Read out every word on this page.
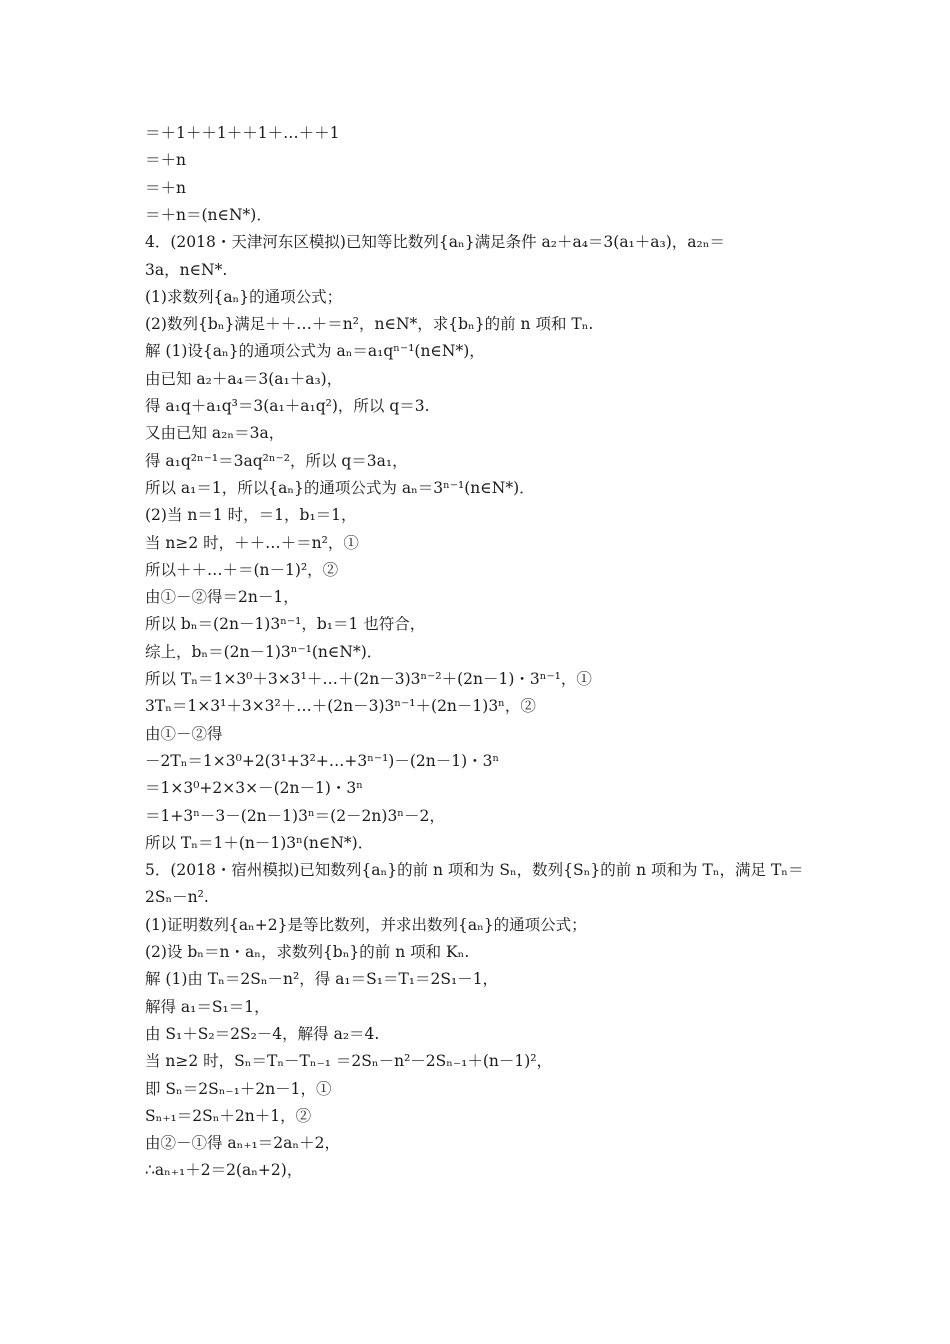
＝＋1＋＋1＋＋1＋…＋＋1
＝＋n
＝＋n
＝＋n＝(n∈N*)．
4．(2018・天津河东区模拟)已知等比数列{aₙ}满足条件 a₂＋a₄＝3(a₁＋a₃)，a₂ₙ＝
3a，n∈N*.
(1)求数列{aₙ}的通项公式；
(2)数列{bₙ}满足＋＋…＋＝n²，n∈N*，求{bₙ}的前 n 项和 Tₙ.
解 (1)设{aₙ}的通项公式为 aₙ＝a₁qⁿ⁻¹(n∈N*)，
由已知 a₂＋a₄＝3(a₁＋a₃)，
得 a₁q＋a₁q³＝3(a₁＋a₁q²)，所以 q＝3.
又由已知 a₂ₙ＝3a，
得 a₁q²ⁿ⁻¹＝3aq²ⁿ⁻²，所以 q＝3a₁，
所以 a₁＝1，所以{aₙ}的通项公式为 aₙ＝3ⁿ⁻¹(n∈N*)．
(2)当 n＝1 时，＝1，b₁＝1，
当 n≥2 时，＋＋…＋＝n²，①
所以＋＋…＋＝(n－1)²，②
由①－②得＝2n－1，
所以 bₙ＝(2n－1)3ⁿ⁻¹，b₁＝1 也符合，
综上，bₙ＝(2n－1)3ⁿ⁻¹(n∈N*)．
所以 Tₙ＝1×3⁰＋3×3¹＋…＋(2n－3)3ⁿ⁻²＋(2n－1)・3ⁿ⁻¹，①
3Tₙ＝1×3¹＋3×3²＋…＋(2n－3)3ⁿ⁻¹＋(2n－1)3ⁿ，②
由①－②得
－2Tₙ＝1×3⁰+2(3¹+3²+…+3ⁿ⁻¹)－(2n－1)・3ⁿ
＝1×3⁰+2×3×－(2n－1)・3ⁿ
＝1+3ⁿ－3－(2n－1)3ⁿ＝(2－2n)3ⁿ－2，
所以 Tₙ＝1＋(n－1)3ⁿ(n∈N*)．
5．(2018・宿州模拟)已知数列{aₙ}的前 n 项和为 Sₙ，数列{Sₙ}的前 n 项和为 Tₙ，满足 Tₙ＝
2Sₙ－n².
(1)证明数列{aₙ+2}是等比数列，并求出数列{aₙ}的通项公式；
(2)设 bₙ＝n・aₙ，求数列{bₙ}的前 n 项和 Kₙ.
解 (1)由 Tₙ＝2Sₙ－n²，得 a₁＝S₁＝T₁＝2S₁－1，
解得 a₁＝S₁＝1，
由 S₁＋S₂＝2S₂－4，解得 a₂＝4.
当 n≥2 时，Sₙ＝Tₙ－Tₙ₋₁ ＝2Sₙ－n²－2Sₙ₋₁＋(n－1)²，
即 Sₙ＝2Sₙ₋₁＋2n－1，①
Sₙ₊₁＝2Sₙ＋2n＋1，②
由②－①得 aₙ₊₁＝2aₙ＋2，
∴aₙ₊₁＋2＝2(aₙ+2)，
